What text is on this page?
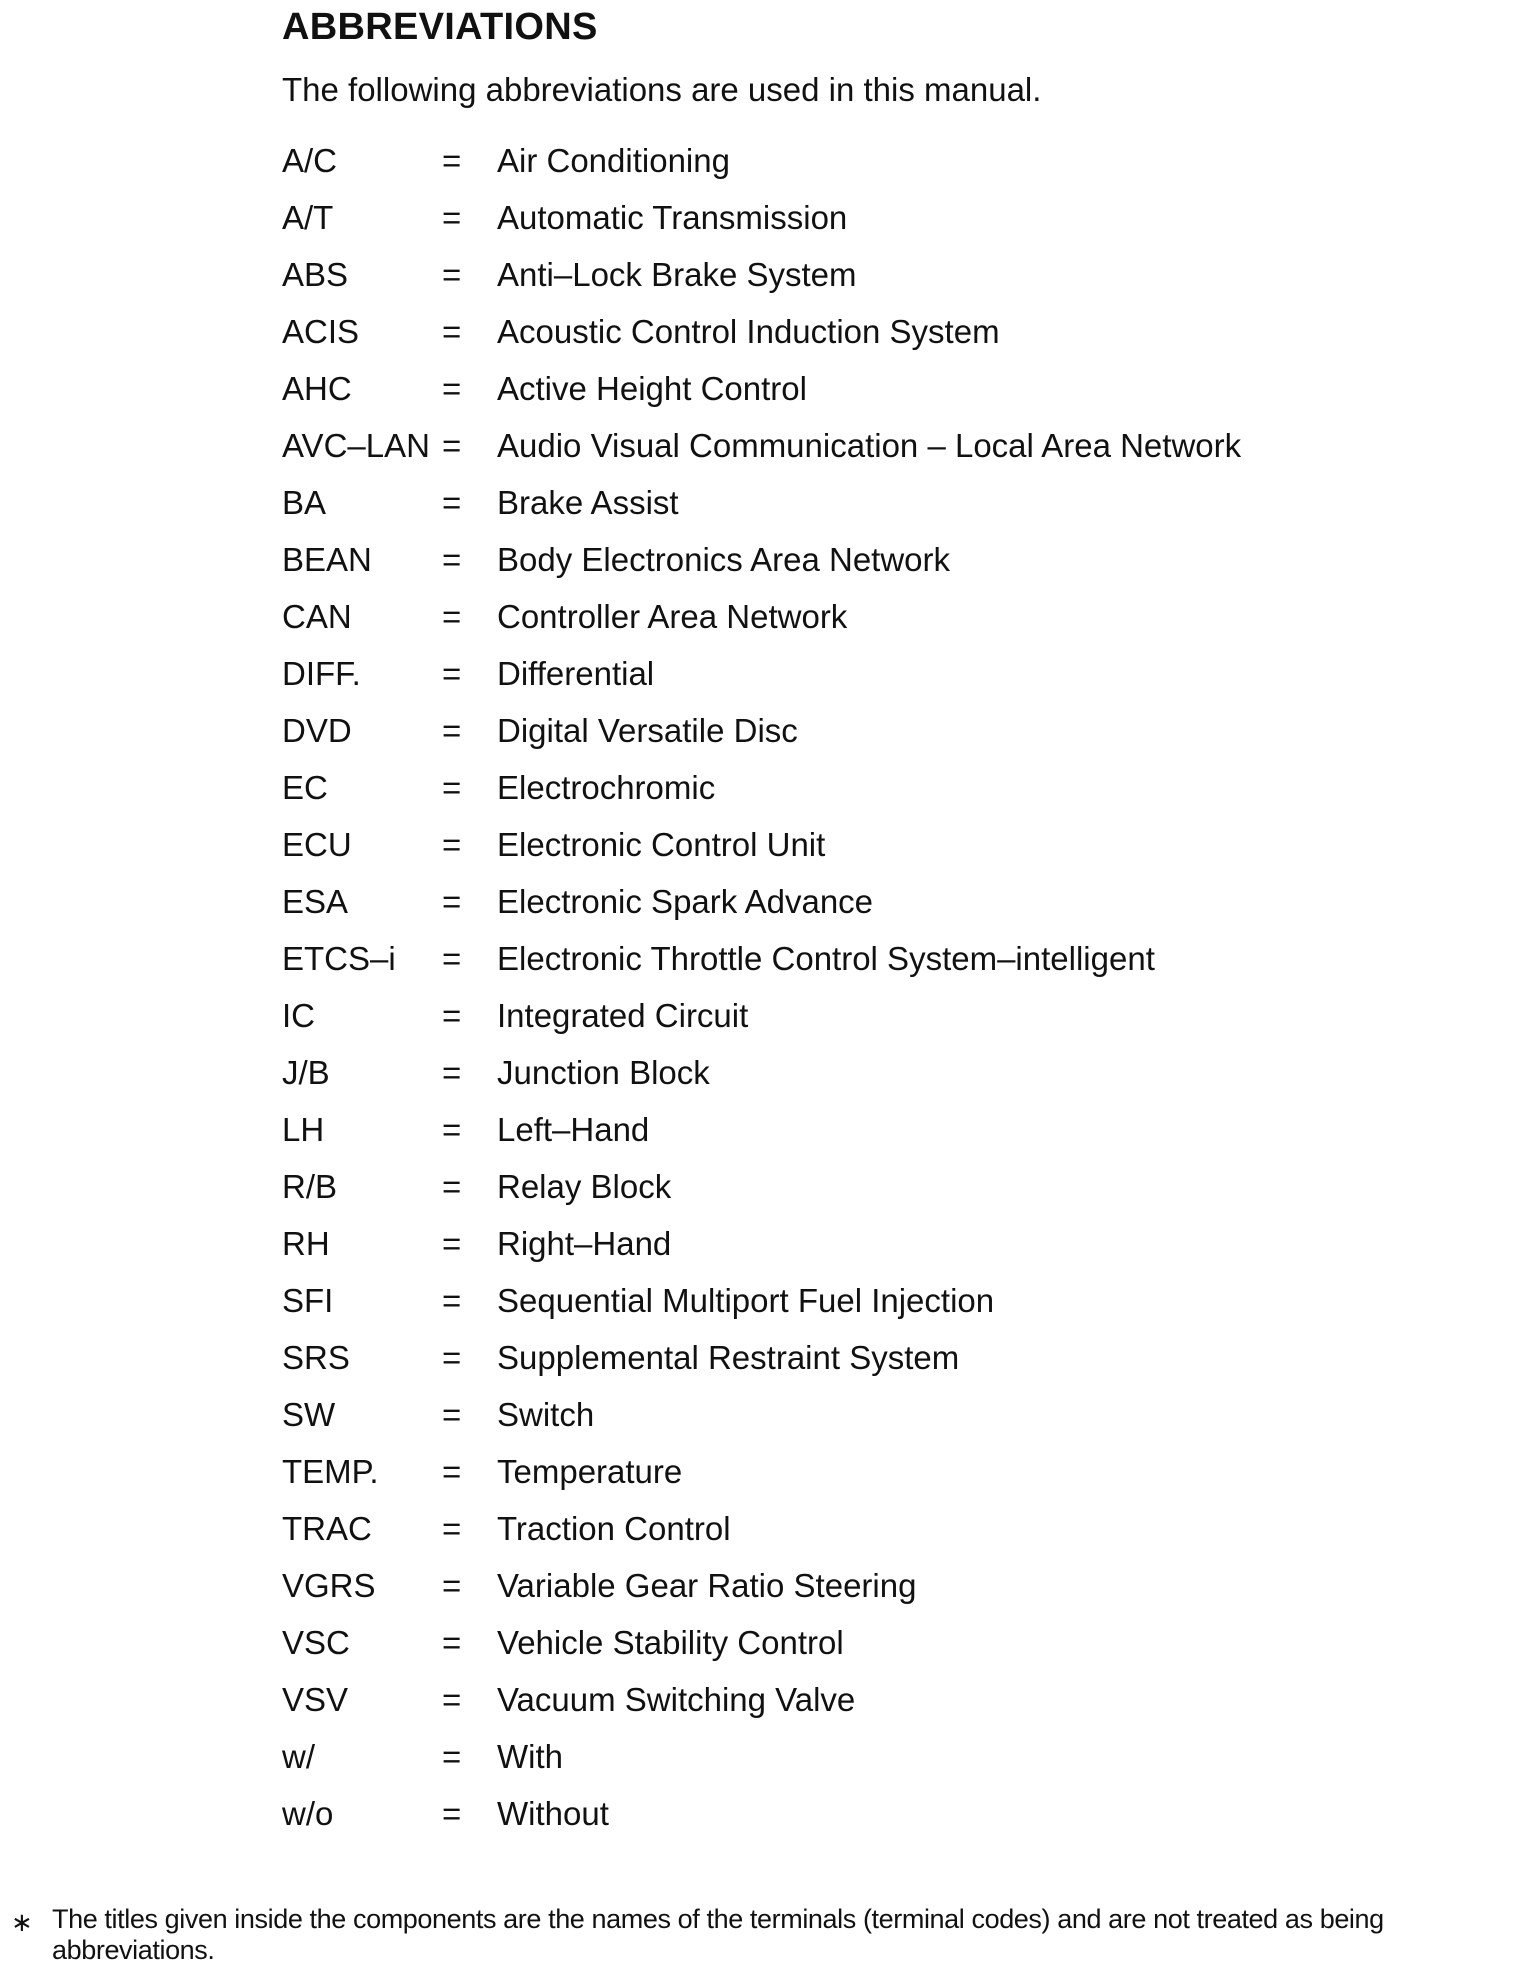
ABBREVIATIONS

The following abbreviations are used in this manual.

A/C	= Air Conditioning
A/T	= Automatic Transmission
ABS	= Anti–Lock Brake System
ACIS	= Acoustic Control Induction System
AHC	= Active Height Control
AVC–LAN = Audio Visual Communication – Local Area Network
BA	= Brake Assist
BEAN = Body Electronics Area Network
CAN	= Controller Area Network
DIFF. = Differential
DVD	= Digital Versatile Disc
EC	= Electrochromic
ECU	= Electronic Control Unit
ESA	= Electronic Spark Advance
ETCS–i = Electronic Throttle Control System–intelligent
IC	= Integrated Circuit
J/B	= Junction Block
LH	= Left–Hand
R/B	= Relay Block
RH	= Right–Hand
SFI	= Sequential Multiport Fuel Injection
SRS	= Supplemental Restraint System
SW	= Switch
TEMP. = Temperature
TRAC = Traction Control
VGRS = Variable Gear Ratio Steering
VSC	= Vehicle Stability Control
VSV	= Vacuum Switching Valve
w/	= With
w/o	= Without
∗ The titles given inside the components are the names of the terminals (terminal codes) and are not treated as being abbreviations.
